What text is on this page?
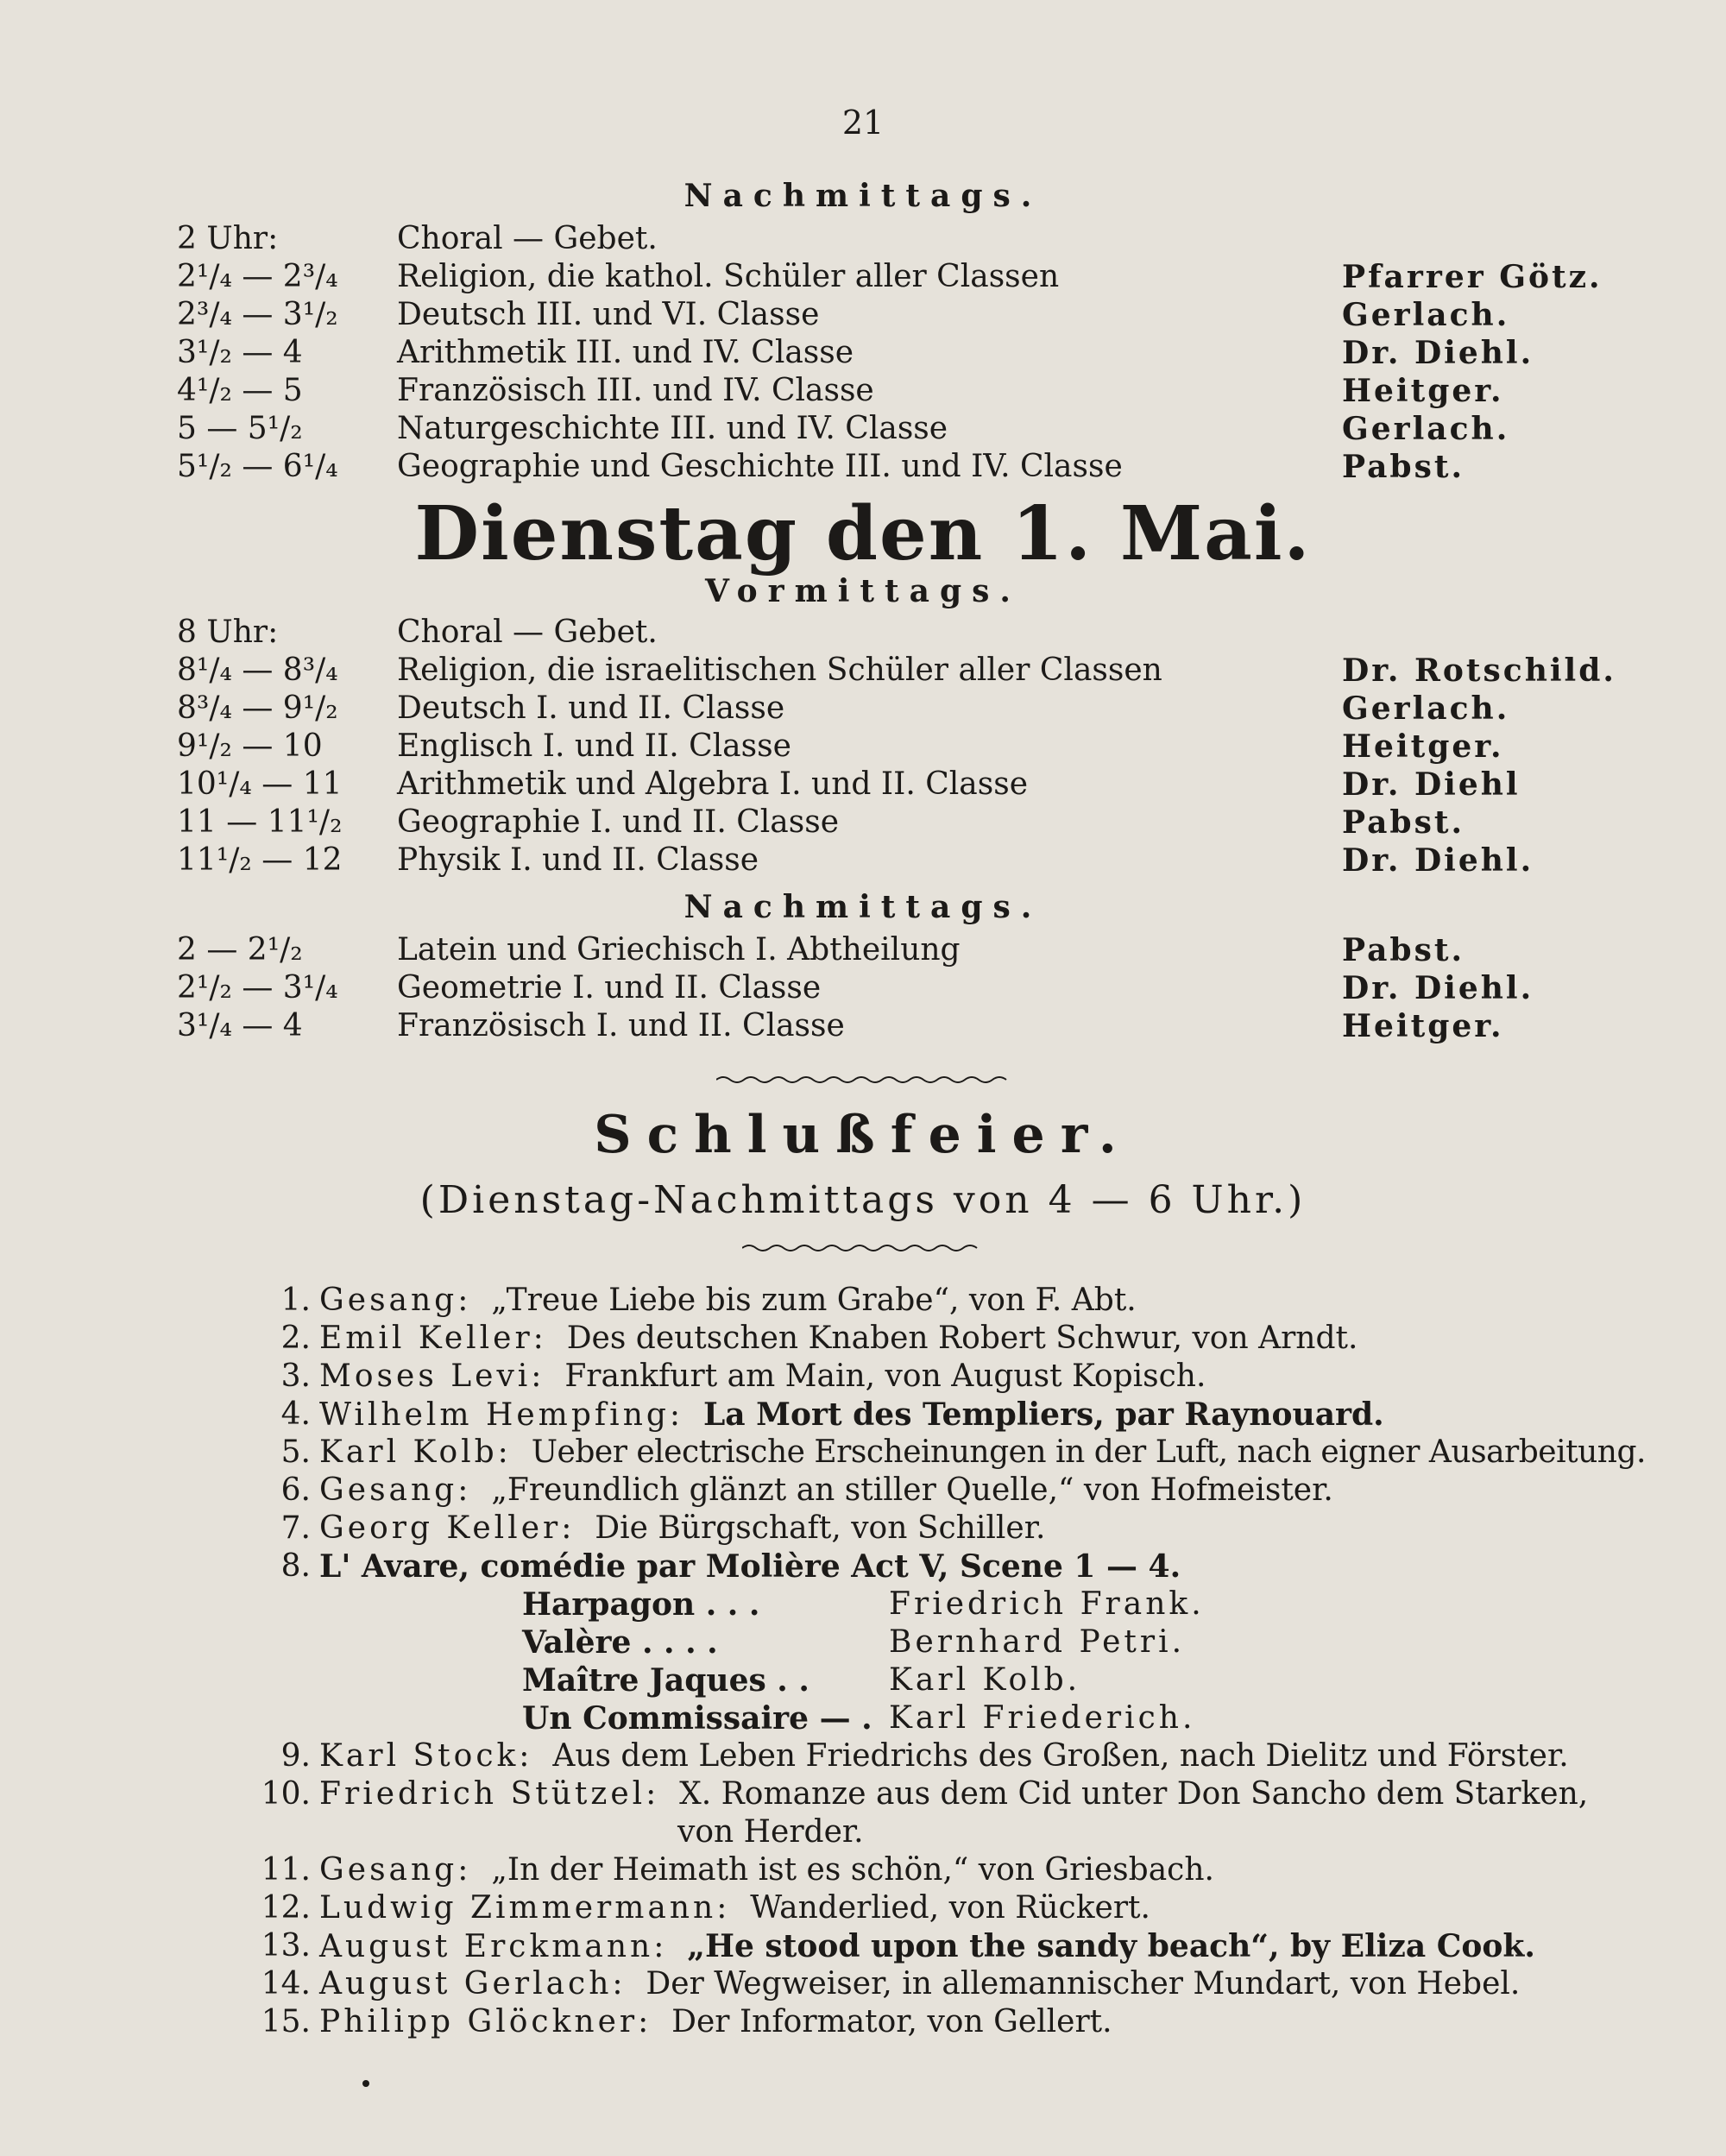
21
Nachmittags.
2 Uhr:	Choral — Gebet.
2¹/₄ — 2³/₄ Religion, die kathol. Schüler aller Classen	Pfarrer Götz.
2³/₄ — 3¹/₂ Deutsch III. und VI. Classe	Gerlach.
3¹/₂ — 4	Arithmetik III. und IV. Classe	Dr. Diehl.
4¹/₂ — 5	Französisch III. und IV. Classe	Heitger.
5 — 5¹/₂	Naturgeschichte III. und IV. Classe	Gerlach.
5¹/₂ — 6¹/₄ Geographie und Geschichte III. und IV. Classe	Pabst.
Dienstag den 1. Mai.
Vormittags.
8 Uhr:	Choral — Gebet.
8¹/₄ — 8³/₄ Religion, die israelitischen Schüler aller Classen	Dr. Rotschild.
8³/₄ — 9¹/₂ Deutsch I. und II. Classe	Gerlach.
9¹/₂ — 10 Englisch I. und II. Classe	Heitger.
10¹/₄ — 11 Arithmetik und Algebra I. und II. Classe	Dr. Diehl
11 — 11¹/₂ Geographie I. und II. Classe	Pabst.
11¹/₂ — 12 Physik I. und II. Classe	Dr. Diehl.
Nachmittags.
2 — 2¹/₂	Latein und Griechisch I. Abtheilung	Pabst.
2¹/₂ — 3¹/₄ Geometrie I. und II. Classe	Dr. Diehl.
3¹/₄ — 4	Französisch I. und II. Classe	Heitger.
Schlußfeier.
(Dienstag-Nachmittags von 4 — 6 Uhr.)
1. Gesang: „Treue Liebe bis zum Grabe“, von F. Abt.
2. Emil Keller: Des deutschen Knaben Robert Schwur, von Arndt.
3. Moses Levi: Frankfurt am Main, von August Kopisch.
4. Wilhelm Hempfing: La Mort des Templiers, par Raynouard.
5. Karl Kolb: Ueber electrische Erscheinungen in der Luft, nach eigner Ausarbeitung.
6. Gesang: „Freundlich glänzt an stiller Quelle,“ von Hofmeister.
7. Georg Keller: Die Bürgschaft, von Schiller.
8. L' Avare, comédie par Molière Act V, Scene 1 — 4.
Harpagon . . .	Friedrich Frank.
Valère . . . .	Bernhard Petri.
Maître Jaques . .	Karl Kolb.
Un Commissaire — . Karl Friederich.
9. Karl Stock: Aus dem Leben Friedrichs des Großen, nach Dielitz und Förster.
10. Friedrich Stützel: X. Romanze aus dem Cid unter Don Sancho dem Starken,
von Herder.
11. Gesang: „In der Heimath ist es schön,“ von Griesbach.
12. Ludwig Zimmermann: Wanderlied, von Rückert.
13. August Erckmann: „He stood upon the sandy beach“, by Eliza Cook.
14. August Gerlach: Der Wegweiser, in allemannischer Mundart, von Hebel.
15. Philipp Glöckner: Der Informator, von Gellert.
